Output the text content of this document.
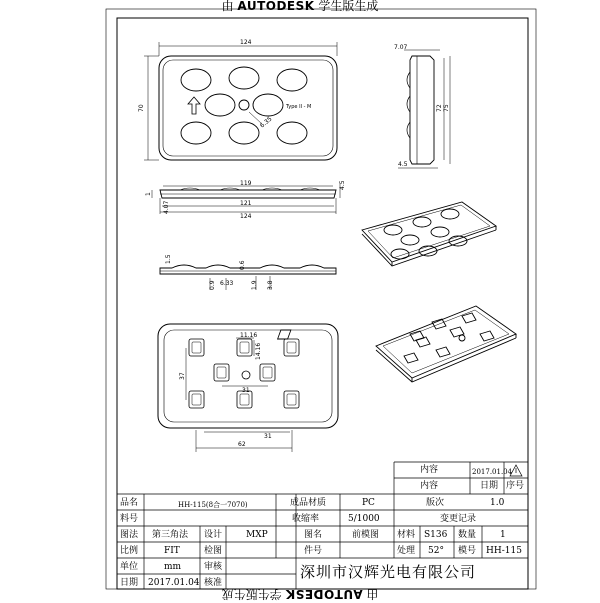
由 AUTODESK 学生版生成
124
70	Type II - M
6.35
7.07
72 75
4.5
119
121
124
4.5
4.07
1
1.5
0.6
0.9 6.33	1.9 3.8
11.16
14.16
37
31
31
62
内容	2017.01.04
内容	日期 序号
品名	HH-115(8合一7070)	成品材质	PC	版次	1.0
料号	收缩率	5/1000	变更记录
图法 第三角法 设计	MXP	图名	前模图 材料 S136 数量	1
比例	FIT	检图	件号	处理 52° 模号 HH-115
单位	mm	审核
日期 2017.01.04 核准
深圳市汉辉光电有限公司
由 AUTODESK 学生版生成
